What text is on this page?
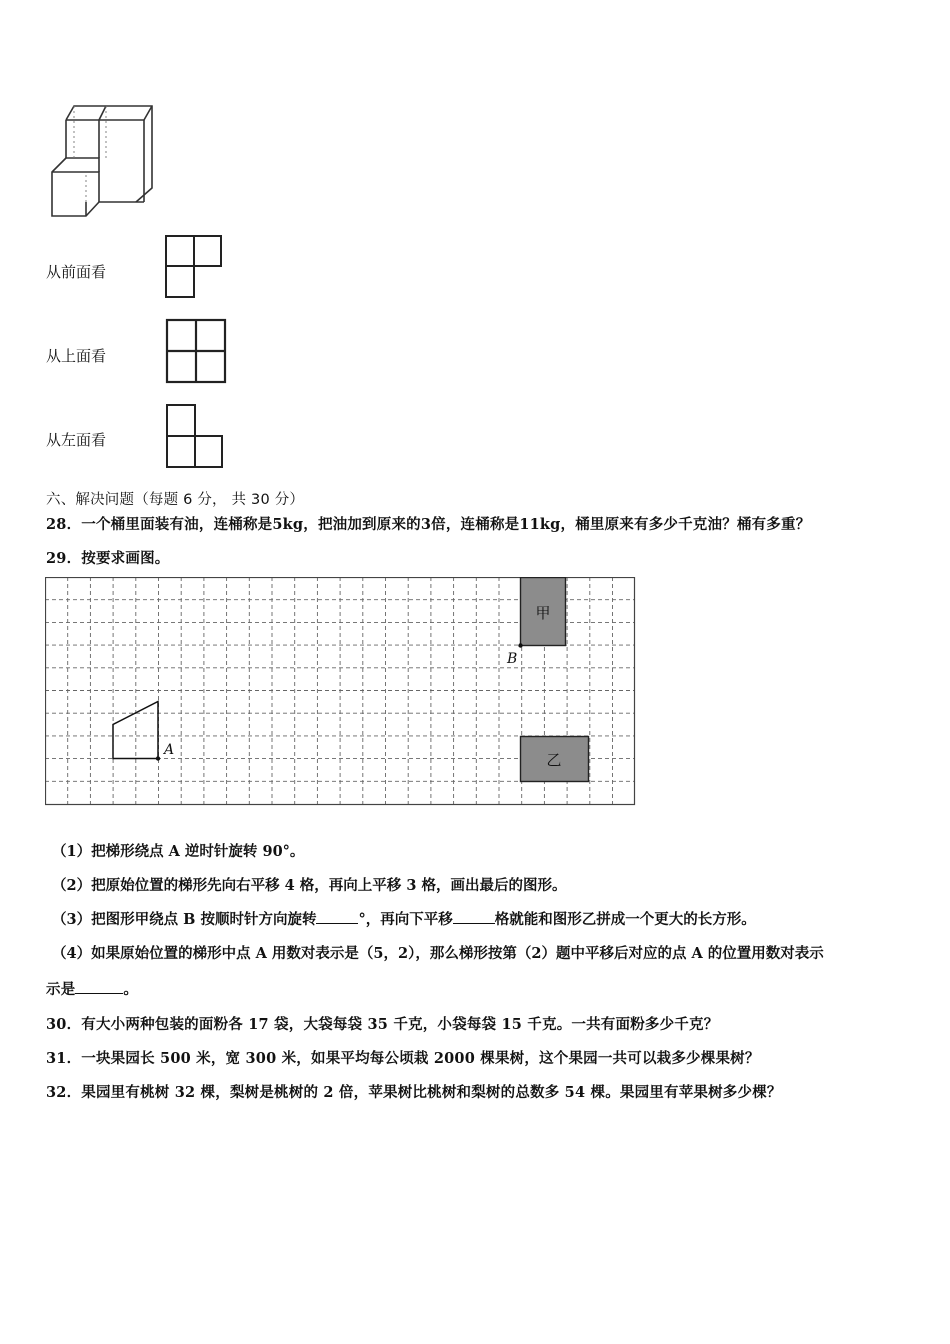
从前面看
从上面看
从左面看
六、解决问题（每题 6 分， 共 30 分）
28．一个桶里面装有油，连桶称是5kg，把油加到原来的3倍，连桶称是11kg，桶里原来有多少千克油？桶有多重？
29．按要求画图。
甲
B
乙
A
（1）把梯形绕点 A 逆时针旋转 90°。
（2）把原始位置的梯形先向右平移 4 格，再向上平移 3 格，画出最后的图形。
（3）把图形甲绕点 B 按顺时针方向旋转	°，再向下平移	格就能和图形乙拼成一个更大的长方形。
（4）如果原始位置的梯形中点 A 用数对表示是（5，2），那么梯形按第（2）题中平移后对应的点 A 的位置用数对表示
示是	。
30．有大小两种包装的面粉各 17 袋，大袋每袋 35 千克，小袋每袋 15 千克。一共有面粉多少千克？
31．一块果园长 500 米，宽 300 米，如果平均每公顷栽 2000 棵果树，这个果园一共可以栽多少棵果树？
32．果园里有桃树 32 棵，梨树是桃树的 2 倍，苹果树比桃树和梨树的总数多 54 棵。果园里有苹果树多少棵？
